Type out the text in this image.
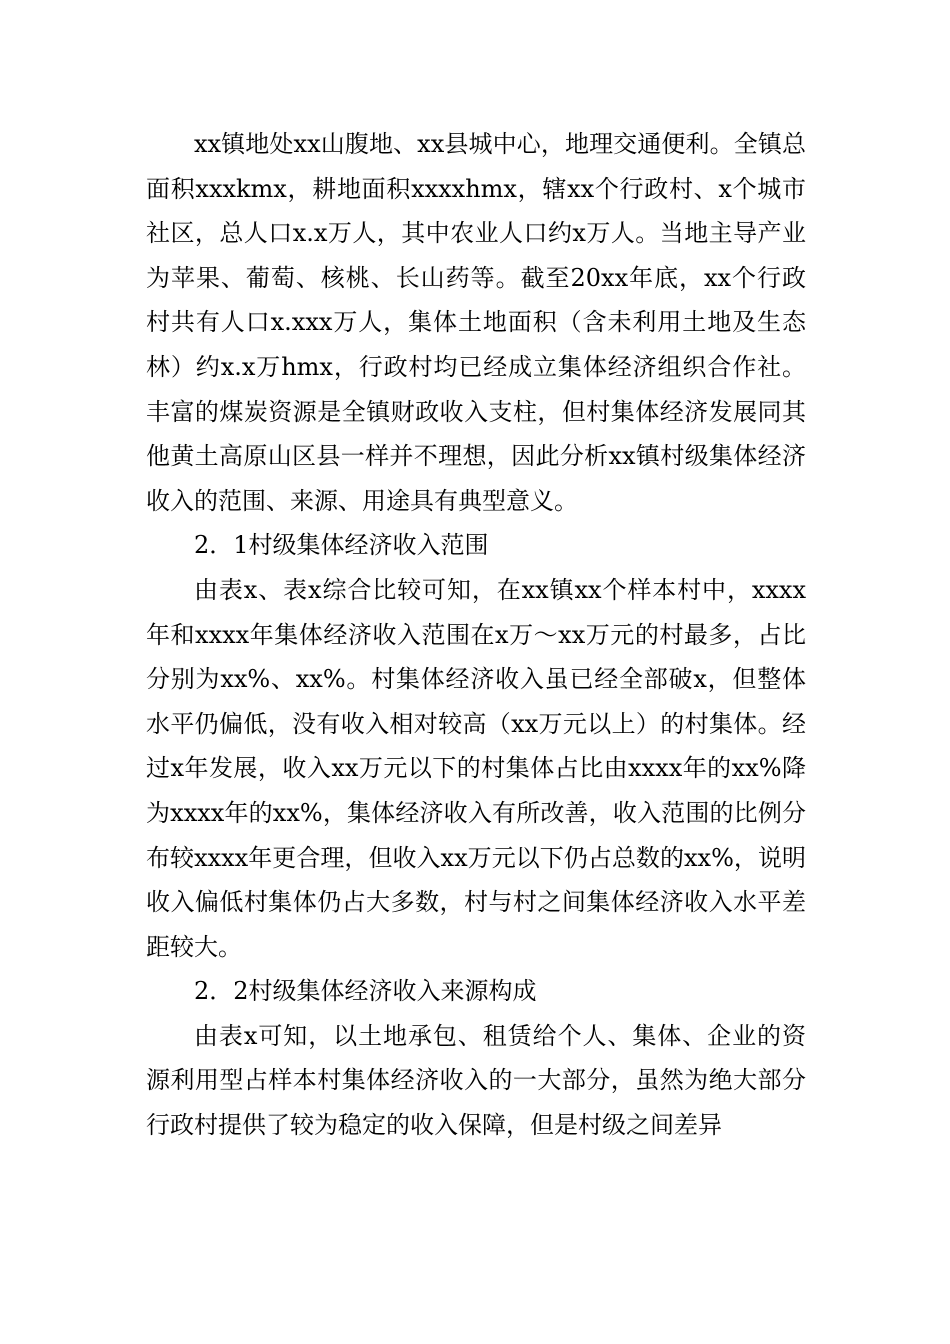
xx镇地处xx山腹地、xx县城中心，地理交通便利。全镇总面积xxxkmx，耕地面积xxxxhmx，辖xx个行政村、x个城市社区，总人口x.x万人，其中农业人口约x万人。当地主导产业为苹果、葡萄、核桃、长山药等。截至20xx年底，xx个行政村共有人口x.xxx万人，集体土地面积（含未利用土地及生态林）约x.x万hmx，行政村均已经成立集体经济组织合作社。丰富的煤炭资源是全镇财政收入支柱，但村集体经济发展同其他黄土高原山区县一样并不理想，因此分析xx镇村级集体经济收入的范围、来源、用途具有典型意义。

2．1村级集体经济收入范围

由表x、表x综合比较可知，在xx镇xx个样本村中，xxxx年和xxxx年集体经济收入范围在x万～xx万元的村最多，占比分别为xx%、xx%。村集体经济收入虽已经全部破x，但整体水平仍偏低，没有收入相对较高（xx万元以上）的村集体。经过x年发展，收入xx万元以下的村集体占比由xxxx年的xx%降为xxxx年的xx%，集体经济收入有所改善，收入范围的比例分布较xxxx年更合理，但收入xx万元以下仍占总数的xx%，说明收入偏低村集体仍占大多数，村与村之间集体经济收入水平差距较大。

2．2村级集体经济收入来源构成

由表x可知，以土地承包、租赁给个人、集体、企业的资源利用型占样本村集体经济收入的一大部分，虽然为绝大部分行政村提供了较为稳定的收入保障，但是村级之间差异
